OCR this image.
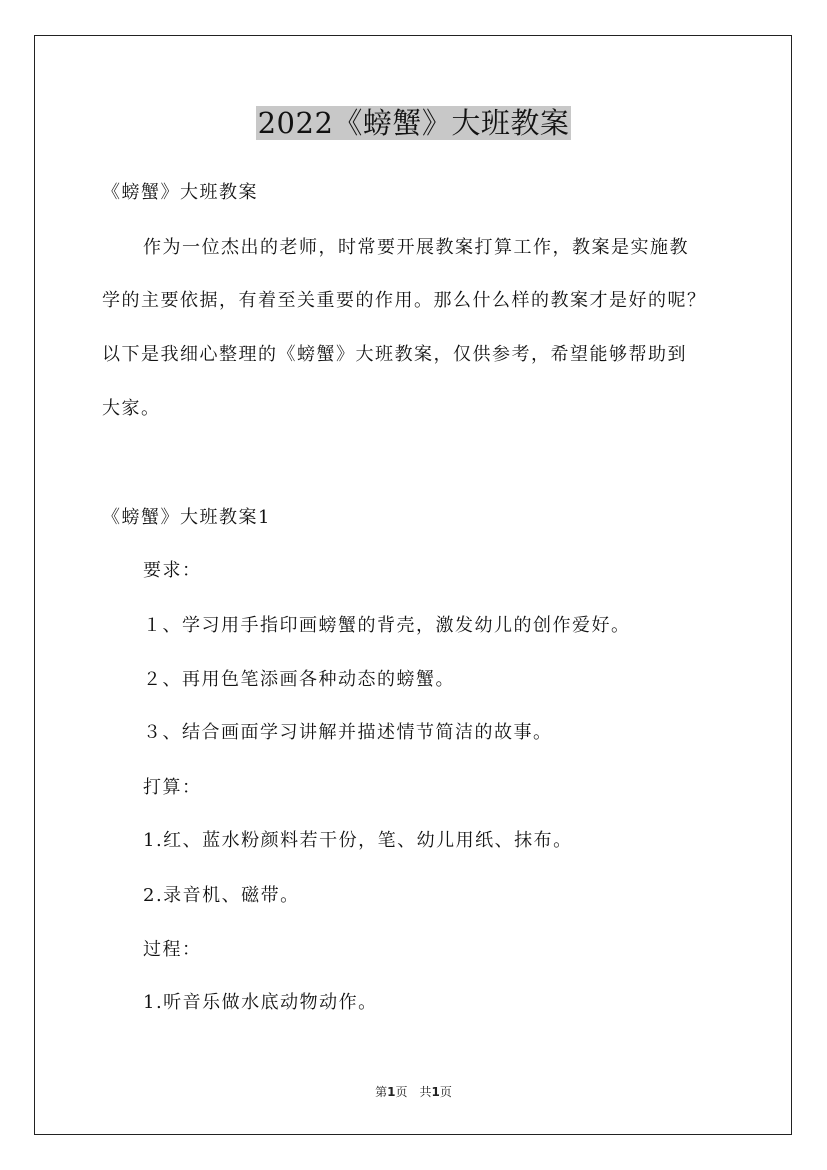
2022《螃蟹》大班教案
《螃蟹》大班教案
作为一位杰出的老师，时常要开展教案打算工作，教案是实施教
学的主要依据，有着至关重要的作用。那么什么样的教案才是好的呢？
以下是我细心整理的《螃蟹》大班教案，仅供参考，希望能够帮助到
大家。
《螃蟹》大班教案1
要求：
１、学习用手指印画螃蟹的背壳，激发幼儿的创作爱好。
２、再用色笔添画各种动态的螃蟹。
３、结合画面学习讲解并描述情节简洁的故事。
打算：
1.红、蓝水粉颜料若干份，笔、幼儿用纸、抹布。
2.录音机、磁带。
过程：
1.听音乐做水底动物动作。
第1页　共1页
